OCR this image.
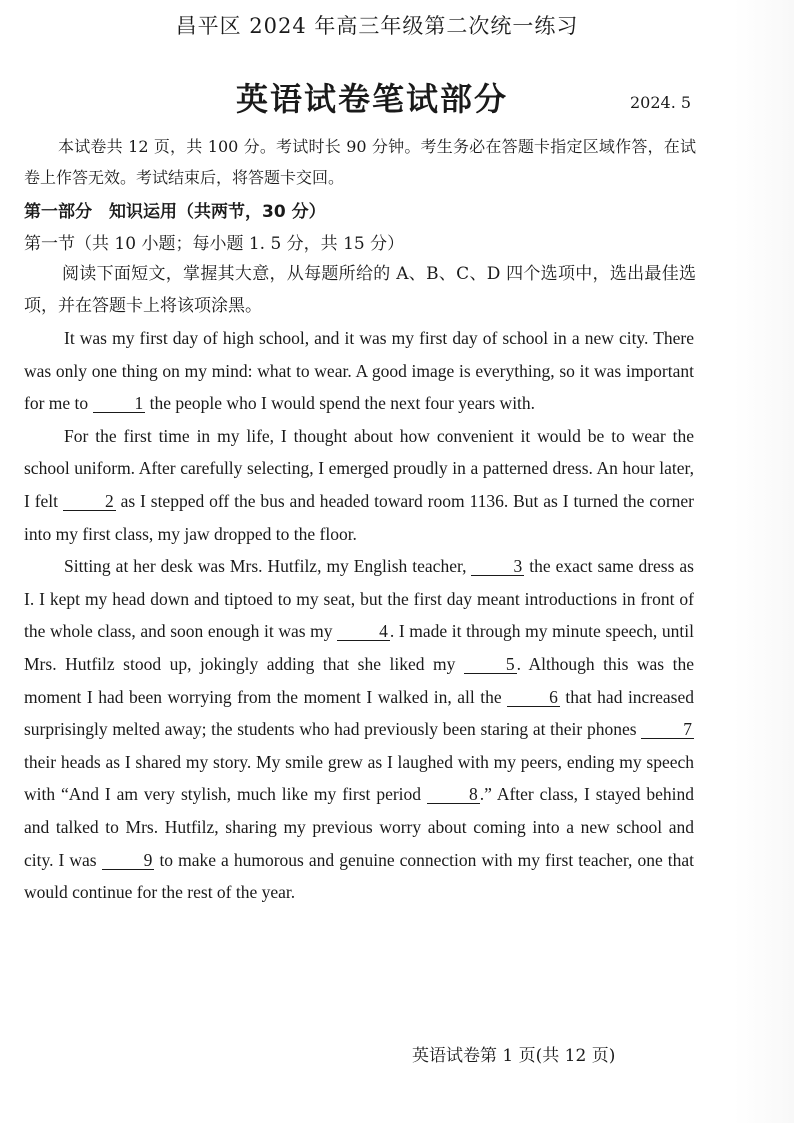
昌平区 2024 年高三年级第二次统一练习
英语试卷笔试部分	2024. 5
本试卷共 12 页，共 100 分。考试时长 90 分钟。考生务必在答题卡指定区域作答，在试卷上作答无效。考试结束后，将答题卡交回。
第一部分　知识运用（共两节，30 分）
第一节（共 10 小题；每小题 1. 5 分，共 15 分）
阅读下面短文，掌握其大意，从每题所给的 A、B、C、D 四个选项中，选出最佳选项，并在答题卡上将该项涂黑。

It was my first day of high school, and it was my first day of school in a new city. There was only one thing on my mind: what to wear. A good image is everything, so it was important for me to 1 the people who I would spend the next four years with.

For the first time in my life, I thought about how convenient it would be to wear the school uniform. After carefully selecting, I emerged proudly in a patterned dress. An hour later, I felt 2 as I stepped off the bus and headed toward room 1136. But as I turned the corner into my first class, my jaw dropped to the floor.

Sitting at her desk was Mrs. Hutfilz, my English teacher, 3 the exact same dress as I. I kept my head down and tiptoed to my seat, but the first day meant introductions in front of the whole class, and soon enough it was my 4 . I made it through my minute speech, until Mrs. Hutfilz stood up, jokingly adding that she liked my 5 . Although this was the moment I had been worrying from the moment I walked in, all the 6 that had increased surprisingly melted away; the students who had previously been staring at their phones 7 their heads as I shared my story. My smile grew as I laughed with my peers, ending my speech with “And I am very stylish, much like my first period 8 .” After class, I stayed behind and talked to Mrs. Hutfilz, sharing my previous worry about coming into a new school and city. I was 9 to make a humorous and genuine connection with my first teacher, one that would continue for the rest of the year.

英语试卷第 1 页(共 12 页)
